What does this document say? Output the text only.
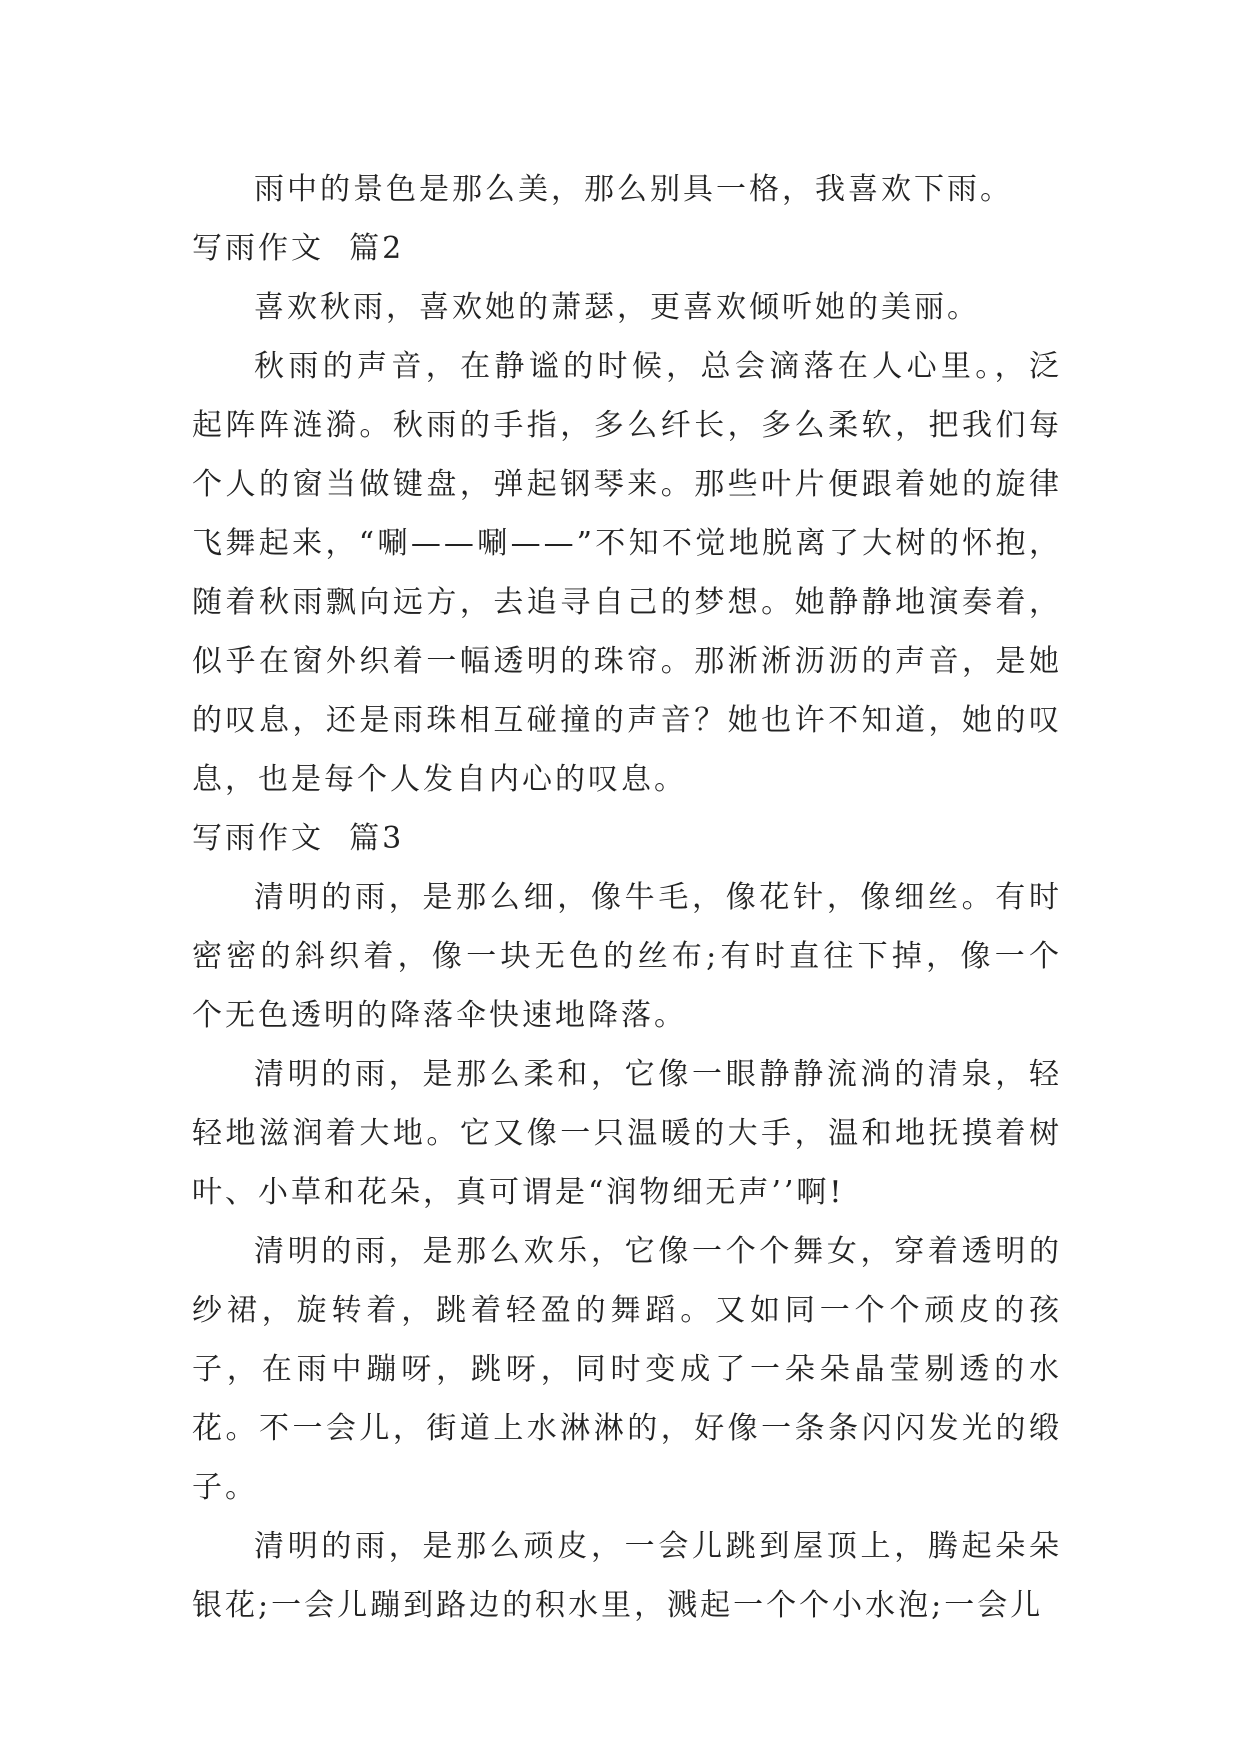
雨中的景色是那么美，那么别具一格，我喜欢下雨。

写雨作文  篇2

喜欢秋雨，喜欢她的萧瑟，更喜欢倾听她的美丽。

秋雨的声音，在静谧的时候，总会滴落在人心里。，泛起阵阵涟漪。秋雨的手指，多么纤长，多么柔软，把我们每个人的窗当做键盘，弹起钢琴来。那些叶片便跟着她的旋律飞舞起来，“唰——唰——”不知不觉地脱离了大树的怀抱，随着秋雨飘向远方，去追寻自己的梦想。她静静地演奏着，似乎在窗外织着一幅透明的珠帘。那淅淅沥沥的声音，是她的叹息，还是雨珠相互碰撞的声音？她也许不知道，她的叹息，也是每个人发自内心的叹息。

写雨作文  篇3

清明的雨，是那么细，像牛毛，像花针，像细丝。有时密密的斜织着，像一块无色的丝布;有时直往下掉，像一个个无色透明的降落伞快速地降落。

清明的雨，是那么柔和，它像一眼静静流淌的清泉，轻轻地滋润着大地。它又像一只温暖的大手，温和地抚摸着树叶、小草和花朵，真可谓是“润物细无声’’啊!

清明的雨，是那么欢乐，它像一个个舞女，穿着透明的纱裙，旋转着，跳着轻盈的舞蹈。又如同一个个顽皮的孩子，在雨中蹦呀，跳呀，同时变成了一朵朵晶莹剔透的水花。不一会儿，街道上水淋淋的，好像一条条闪闪发光的缎子。

清明的雨，是那么顽皮，一会儿跳到屋顶上，腾起朵朵银花;一会儿蹦到路边的积水里，溅起一个个小水泡;一会儿
